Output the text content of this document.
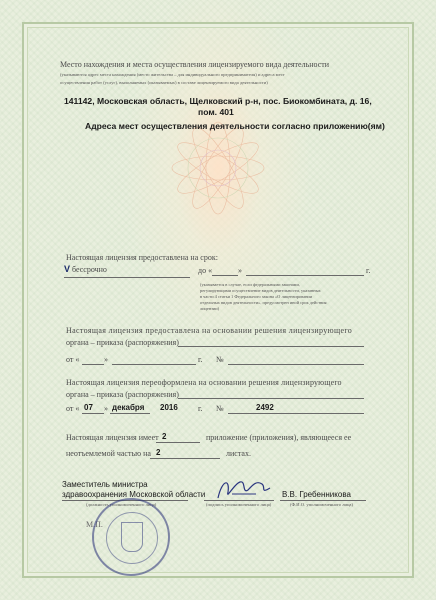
Место нахождения и места осуществления лицензируемого вида деятельности
(указываются адрес места нахождения (место жительства – для индивидуального предпринимателя) и адреса мест
осуществления работ (услуг), выполняемых (оказываемых) в составе лицензируемого вида деятельности)
141142, Московская область, Щелковский р-н, пос. Биокомбината, д. 16,
пом. 401
Адреса мест осуществления деятельности согласно приложению(ям)
Настоящая лицензия предоставлена на срок:
V бессрочно	до «	»	г.
(указывается в случае, если федеральными законами,
регулирующими осуществление видов деятельности, указанных
в части 4 статьи 1 Федерального закона «О лицензировании
отдельных видов деятельности», предусмотрен иной срок действия
лицензии)
Настоящая лицензия предоставлена на основании решения лицензирующего
органа – приказа (распоряжения)
от «	»	г. №
Настоящая лицензия переоформлена на основании решения лицензирующего
органа – приказа (распоряжения)
от « 07 » декабря 2016	г. №	2492
Настоящая лицензия имеет 2	приложение (приложения), являющееся ее
неотъемлемой частью на 2	листах.
Заместитель министра
здравоохранения Московской области
(должность уполномоченного лица)	(подпись уполномоченного лица)
В.В. Гребенникова
(Ф.И.О. уполномоченного лица)
М.П.
